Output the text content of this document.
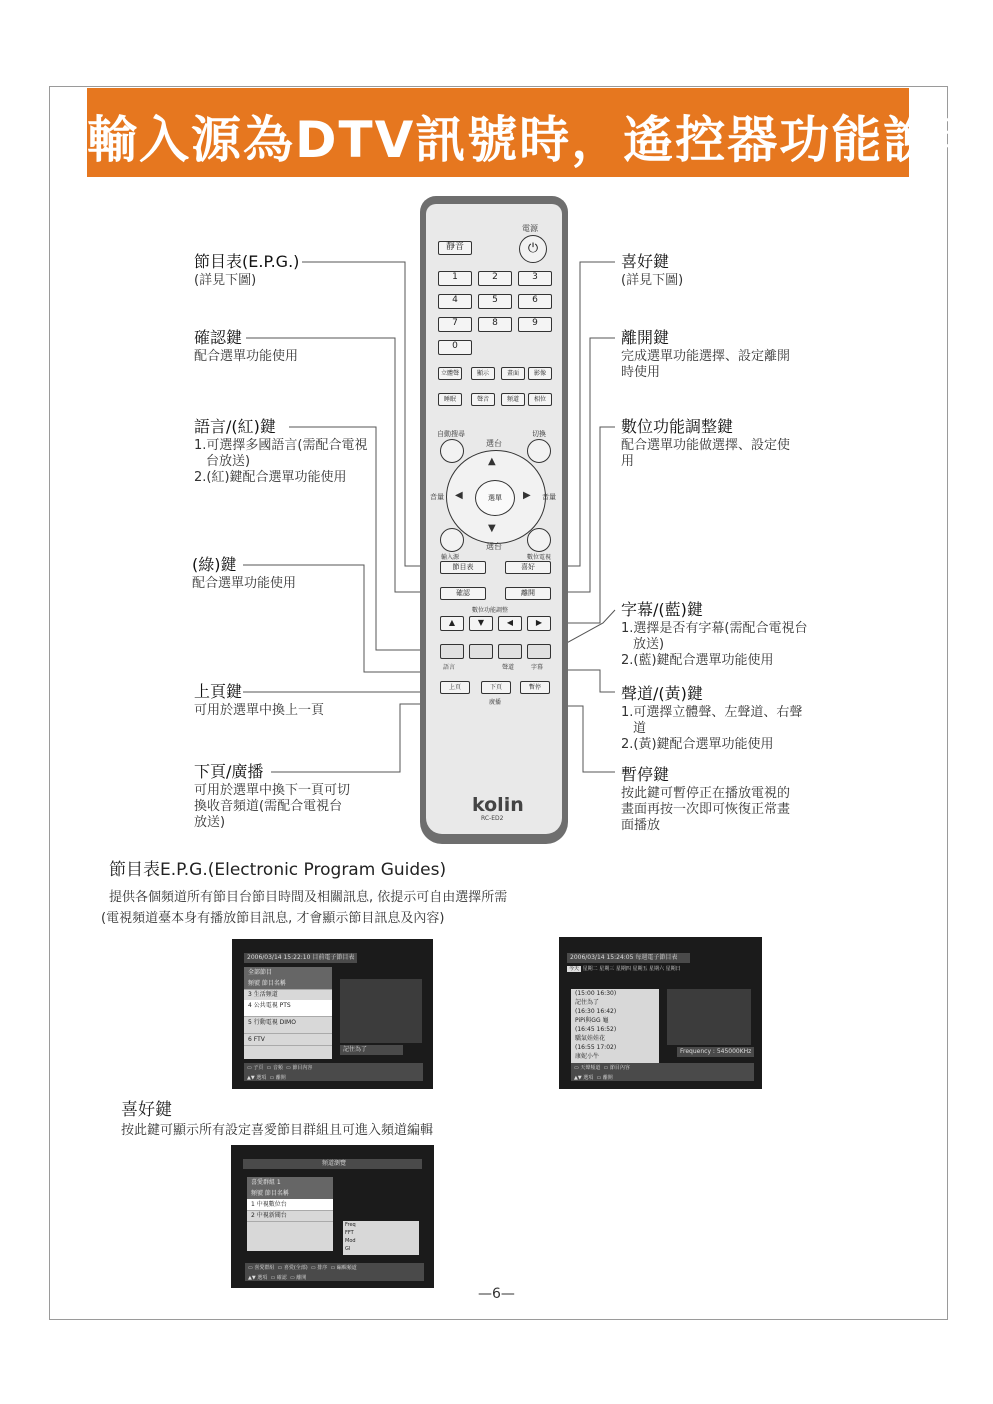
輸入源為DTV訊號時，遙控器功能說明
節目表(E.P.G.)
(詳見下圖)
確認鍵
配合選單功能使用
語言/(紅)鍵
1.可選擇多國語言(需配合電視
台放送)
2.(紅)鍵配合選單功能使用
(綠)鍵
配合選單功能使用
上頁鍵
可用於選單中換上一頁
下頁/廣播
可用於選單中換下一頁可切
換收音頻道(需配合電視台
放送)
喜好鍵
(詳見下圖)
離開鍵
完成選單功能選擇、設定離開
時使用
數位功能調整鍵
配合選單功能做選擇、設定使
用
字幕/(藍)鍵
1.選擇是否有字幕(需配合電視台
放送)
2.(藍)鍵配合選單功能使用
聲道/(黃)鍵
1.可選擇立體聲、左聲道、右聲
道
2.(黃)鍵配合選單功能使用
暫停鍵
按此鍵可暫停正在播放電視的
畫面再按一次即可恢復正常畫
面播放
電源
⏻
靜音
1	2	3
4	5	6
7	8	9
0
立體聲	顯示	畫面	影像
睡眠	聲音	頻道	相位
自動搜尋	切換
選台
選單
▲
▼
◀	▶
音量	音量
選台
輸入源	數位電視
節目表	喜好
確認	離開
數位功能調整
▲	▼	◀	▶
語言	聲道	字幕
上頁	下頁	暫停
廣播
kolin
RC-ED2
節目表E.P.G.(Electronic Program Guides)
提供各個頻道所有節目台節目時間及相關訊息, 依提示可自由選擇所需
(電視頻道臺本身有播放節目訊息, 才會顯示節目訊息及內容)
2006/03/14 15:22:10 目前電子節目表
全部節目
頻號 節目名稱
3 生活頻道
4 公共電視 PTS
5 行動電視 DIMO
6 FTV
記住為了
▭ 子頁 ▭ 音頻 ▭ 節目內容
▲▼ 選項 ▭ 離開
2006/03/14 15:24:05 每週電子節目表
今天 星期二 星期三 星期四 星期五 星期六 星期日
(15:00 16:30)
記住為了
(16:30 16:42)
PiPi與GG 龜
(16:45 16:52)
驕氣娃娃花
(16:55 17:02)
康妮小牛
Frequency : 545000KHz
▭ 天聲頻道 ▭ 節目內容
▲▼ 選項 ▭ 離開
喜好鍵
按此鍵可顯示所有設定喜愛節目群組且可進入頻道編輯
頻道瀏覽
喜愛群組 1
頻號 節目名稱
1 中視數位台
2 中視新聞台
Freq
FFT
Mod
GI
▭ 喜愛群組 ▭ 喜愛(全部) ▭ 排序 ▭ 編輯頻道
▲▼ 選項 ▭ 確認 ▭ 離開
—6—
